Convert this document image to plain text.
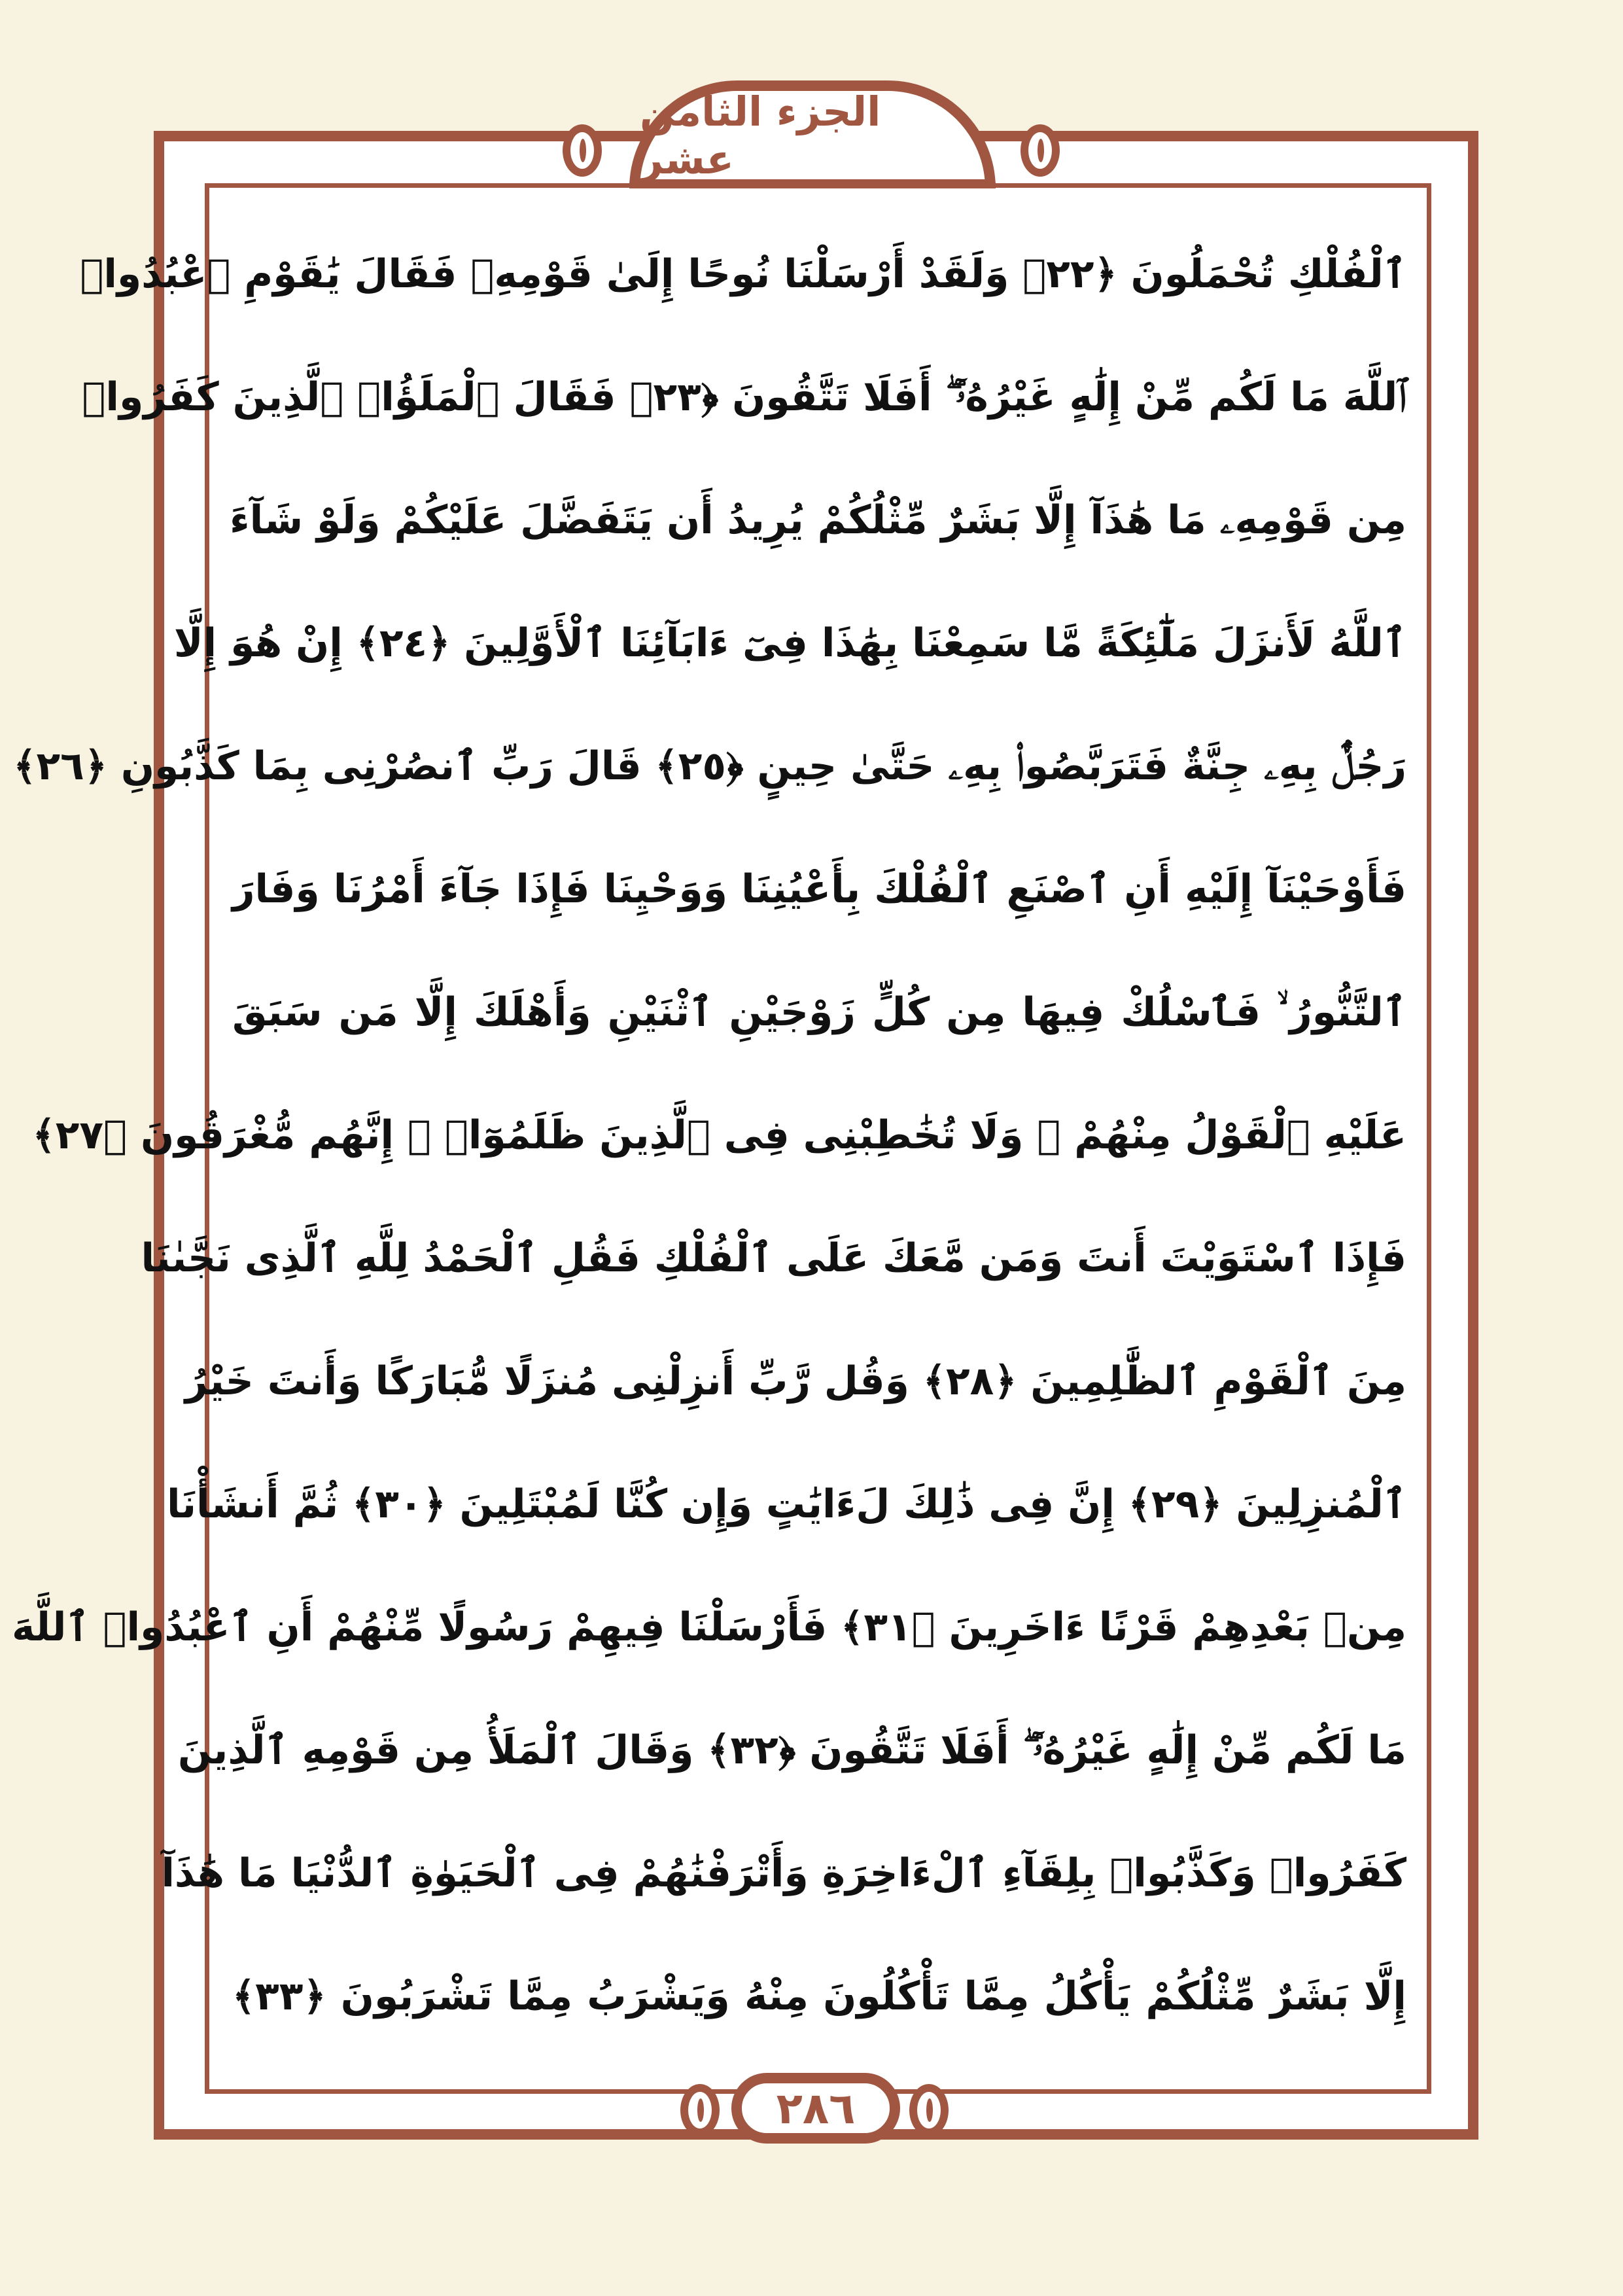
الجزء الثامن عشر
٢٨٦
ٱلْفُلْكِ تُحْمَلُونَ ﴿٢٢﴾ وَلَقَدْ أَرْسَلْنَا نُوحًا إِلَىٰ قَوْمِهِۦ فَقَالَ يَٰقَوْمِ ٱعْبُدُوا۟
ٱللَّهَ مَا لَكُم مِّنْ إِلَٰهٍ غَيْرُهُۥٓ ۖ أَفَلَا تَتَّقُونَ ﴿٢٣﴾ فَقَالَ ٱلْمَلَؤُا۟ ٱلَّذِينَ كَفَرُوا۟
مِن قَوْمِهِۦ مَا هَٰذَآ إِلَّا بَشَرٌ مِّثْلُكُمْ يُرِيدُ أَن يَتَفَضَّلَ عَلَيْكُمْ وَلَوْ شَآءَ
ٱللَّهُ لَأَنزَلَ مَلَٰٓئِكَةً مَّا سَمِعْنَا بِهَٰذَا فِىٓ ءَابَآئِنَا ٱلْأَوَّلِينَ ﴿٢٤﴾ إِنْ هُوَ إِلَّا
رَجُلٌۢ بِهِۦ جِنَّةٌ فَتَرَبَّصُوا۟ بِهِۦ حَتَّىٰ حِينٍ ﴿٢٥﴾ قَالَ رَبِّ ٱنصُرْنِى بِمَا كَذَّبُونِ ﴿٢٦﴾
فَأَوْحَيْنَآ إِلَيْهِ أَنِ ٱصْنَعِ ٱلْفُلْكَ بِأَعْيُنِنَا وَوَحْيِنَا فَإِذَا جَآءَ أَمْرُنَا وَفَارَ
ٱلتَّنُّورُ ۙ فَٱسْلُكْ فِيهَا مِن كُلٍّ زَوْجَيْنِ ٱثْنَيْنِ وَأَهْلَكَ إِلَّا مَن سَبَقَ
عَلَيْهِ ٱلْقَوْلُ مِنْهُمْ ۖ وَلَا تُخَٰطِبْنِى فِى ٱلَّذِينَ ظَلَمُوٓا۟ ۖ إِنَّهُم مُّغْرَقُونَ ﴿٢٧﴾
فَإِذَا ٱسْتَوَيْتَ أَنتَ وَمَن مَّعَكَ عَلَى ٱلْفُلْكِ فَقُلِ ٱلْحَمْدُ لِلَّهِ ٱلَّذِى نَجَّىٰنَا
مِنَ ٱلْقَوْمِ ٱلظَّٰلِمِينَ ﴿٢٨﴾ وَقُل رَّبِّ أَنزِلْنِى مُنزَلًا مُّبَارَكًا وَأَنتَ خَيْرُ
ٱلْمُنزِلِينَ ﴿٢٩﴾ إِنَّ فِى ذَٰلِكَ لَءَايَٰتٍ وَإِن كُنَّا لَمُبْتَلِينَ ﴿٣٠﴾ ثُمَّ أَنشَأْنَا
مِنۢ بَعْدِهِمْ قَرْنًا ءَاخَرِينَ ﴿٣١﴾ فَأَرْسَلْنَا فِيهِمْ رَسُولًا مِّنْهُمْ أَنِ ٱعْبُدُوا۟ ٱللَّهَ
مَا لَكُم مِّنْ إِلَٰهٍ غَيْرُهُۥٓ ۖ أَفَلَا تَتَّقُونَ ﴿٣٢﴾ وَقَالَ ٱلْمَلَأُ مِن قَوْمِهِ ٱلَّذِينَ
كَفَرُوا۟ وَكَذَّبُوا۟ بِلِقَآءِ ٱلْءَاخِرَةِ وَأَتْرَفْنَٰهُمْ فِى ٱلْحَيَوٰةِ ٱلدُّنْيَا مَا هَٰذَآ
إِلَّا بَشَرٌ مِّثْلُكُمْ يَأْكُلُ مِمَّا تَأْكُلُونَ مِنْهُ وَيَشْرَبُ مِمَّا تَشْرَبُونَ ﴿٣٣﴾
